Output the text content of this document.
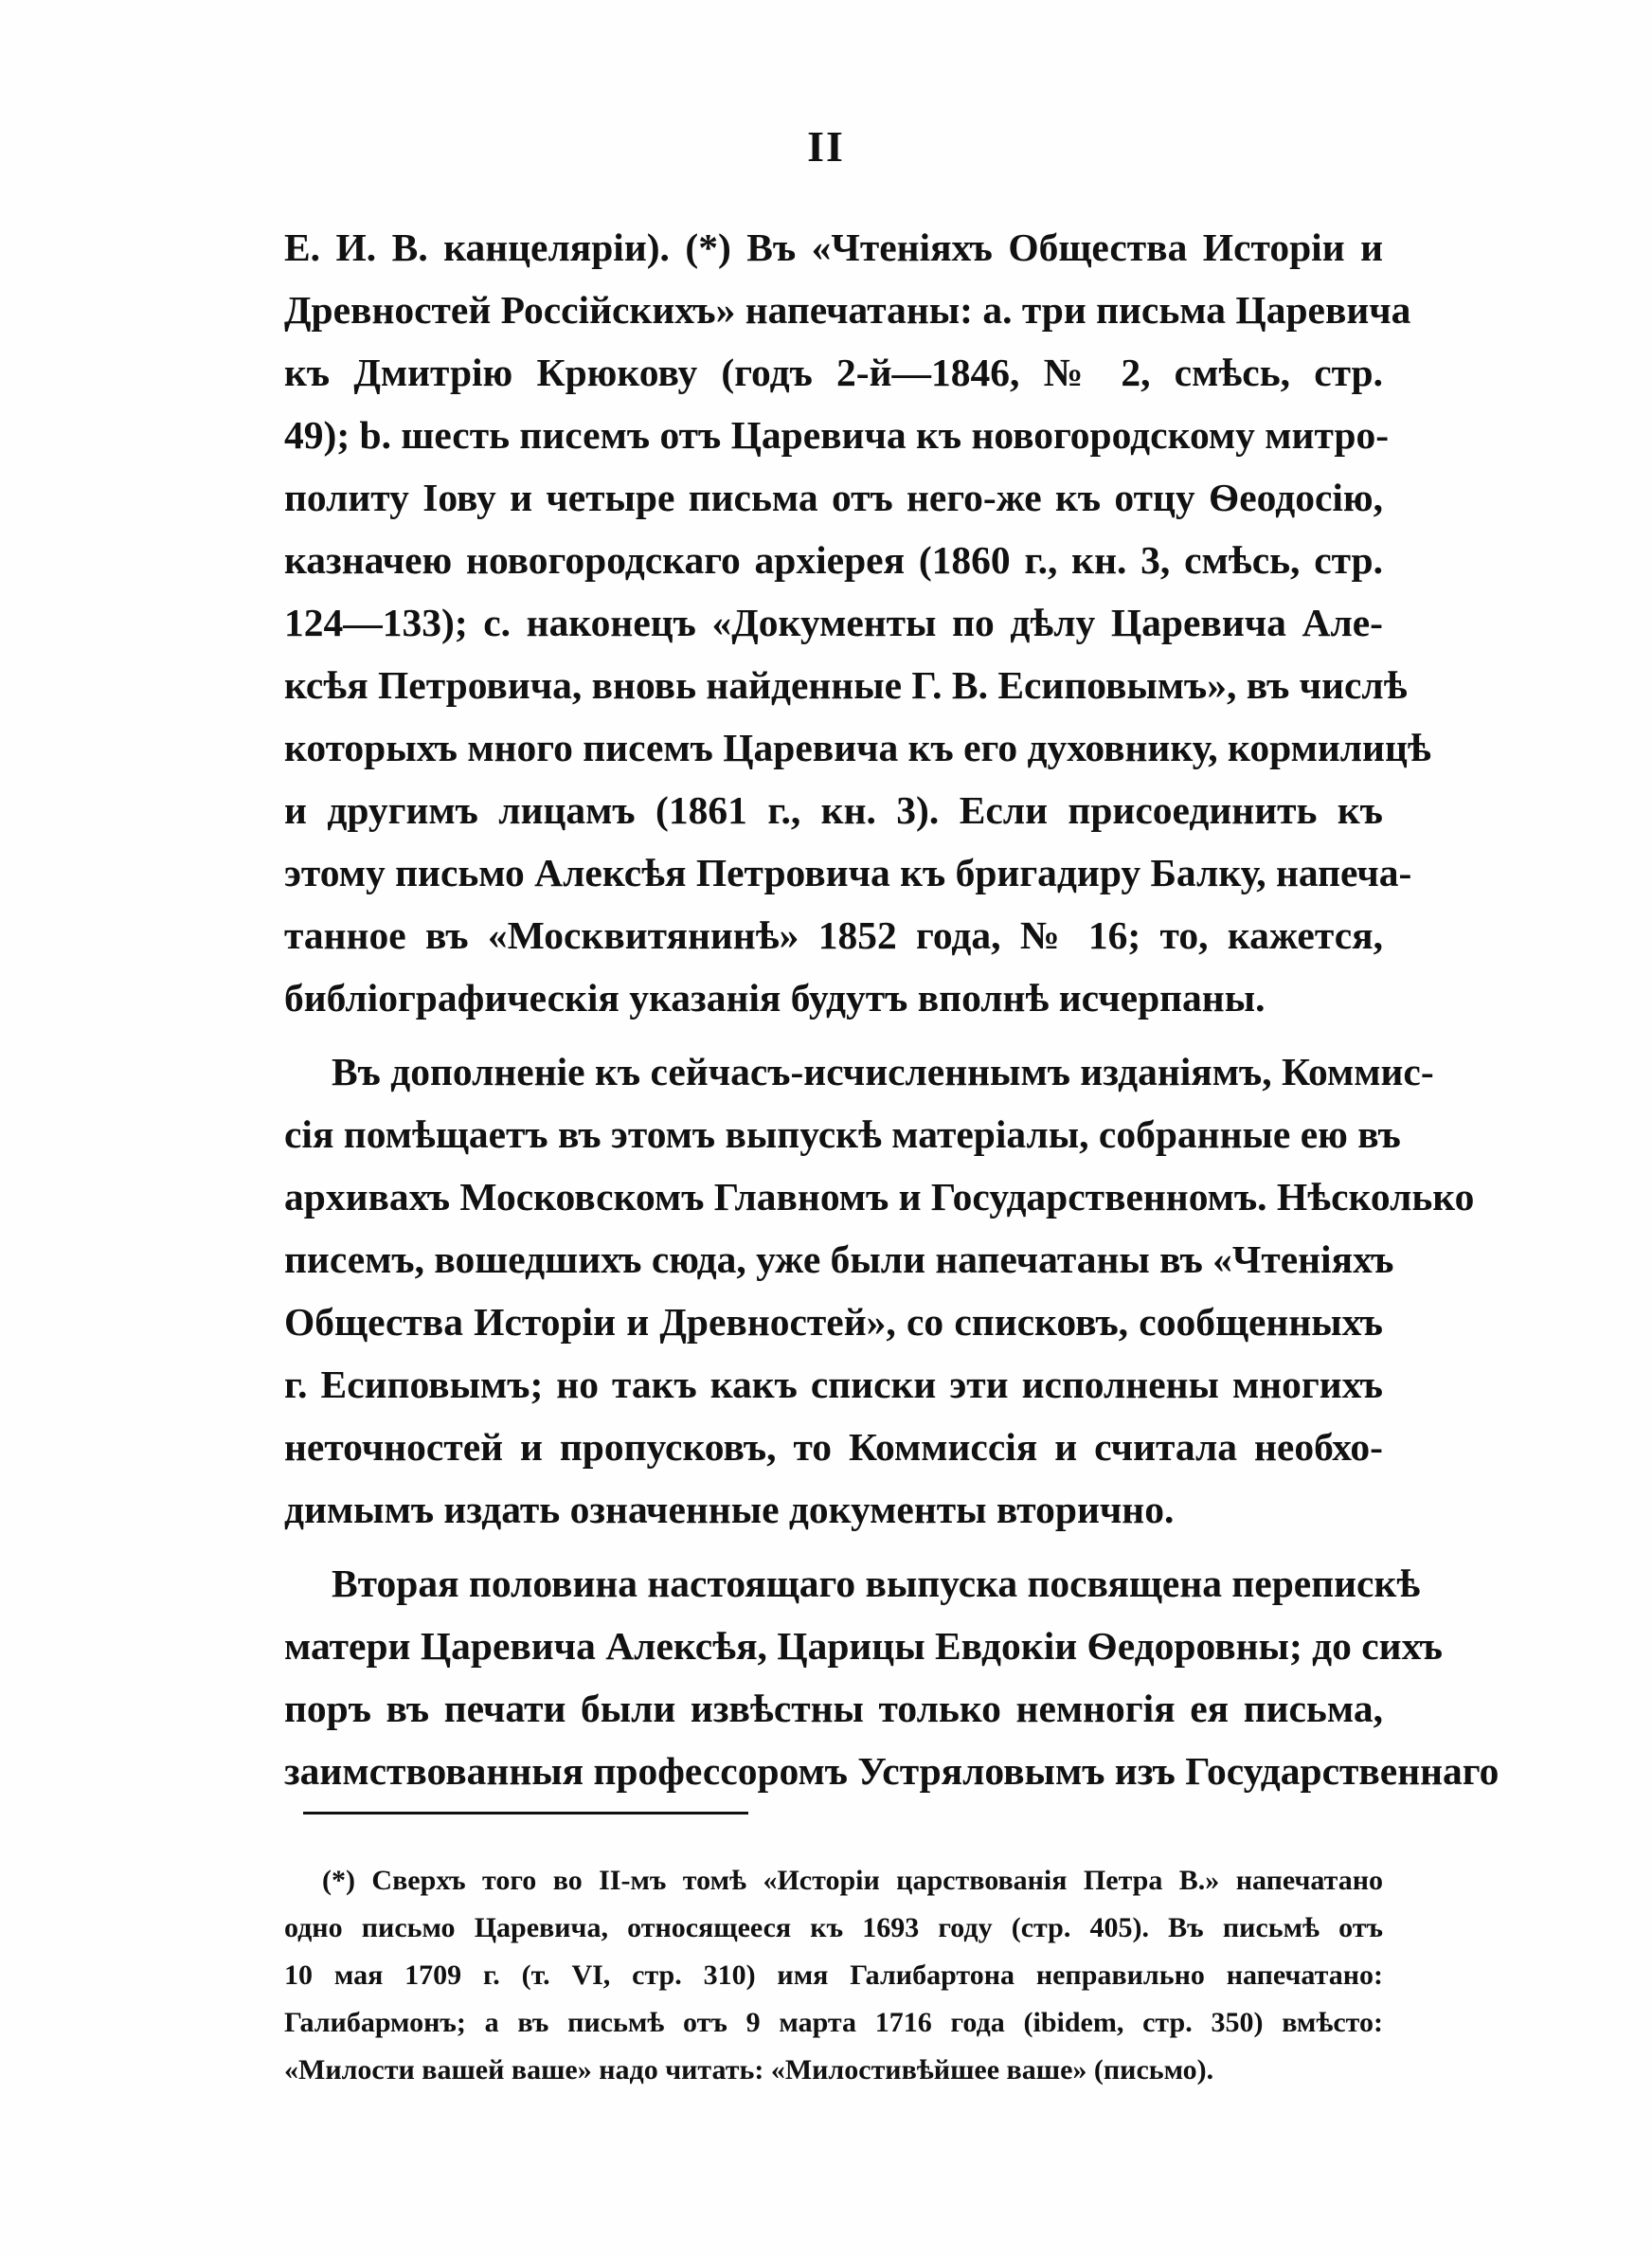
II
Е. И. В. канцеляріи). (*) Въ «Чтеніяхъ Общества Исторіи и
Древностей Россійскихъ» напечатаны: a. три письма Царевича
къ Дмитрію Крюкову (годъ 2-й—1846, № 2, смѣсь, стр.
49); b. шесть писемъ отъ Царевича къ новогородскому митро-
политу Іову и четыре письма отъ него-же къ отцу Ѳеодосію,
казначею новогородскаго архіерея (1860 г., кн. 3, смѣсь, стр.
124—133); c. наконецъ «Документы по дѣлу Царевича Але-
ксѣя Петровича, вновь найденные Г. В. Есиповымъ», въ числѣ
которыхъ много писемъ Царевича къ его духовнику, кормилицѣ
и другимъ лицамъ (1861 г., кн. 3). Если присоединить къ
этому письмо Алексѣя Петровича къ бригадиру Балку, напеча-
танное въ «Москвитянинѣ» 1852 года, № 16; то, кажется,
библіографическія указанія будутъ вполнѣ исчерпаны.
Въ дополненіе къ сейчасъ-исчисленнымъ изданіямъ, Коммис-
сія помѣщаетъ въ этомъ выпускѣ матеріалы, собранные ею въ
архивахъ Московскомъ Главномъ и Государственномъ. Нѣсколько
писемъ, вошедшихъ сюда, уже были напечатаны въ «Чтеніяхъ
Общества Исторіи и Древностей», со списковъ, сообщенныхъ
г. Есиповымъ; но такъ какъ списки эти исполнены многихъ
неточностей и пропусковъ, то Коммиссія и считала необхо-
димымъ издать означенные документы вторично.
Вторая половина настоящаго выпуска посвящена перепискѣ
матери Царевича Алексѣя, Царицы Евдокіи Ѳедоровны; до сихъ
поръ въ печати были извѣстны только немногія ея письма,
заимствованныя профессоромъ Устряловымъ изъ Государственнаго
(*) Сверхъ того во II-мъ томѣ «Исторіи царствованія Петра В.» напечатано
одно письмо Царевича, относящееся къ 1693 году (стр. 405). Въ письмѣ отъ
10 мая 1709 г. (т. VI, стр. 310) имя Галибартона неправильно напечатано:
Галибармонъ; а въ письмѣ отъ 9 марта 1716 года (ibidem, стр. 350) вмѣсто:
«Милости вашей ваше» надо читать: «Милостивѣйшее ваше» (письмо).
